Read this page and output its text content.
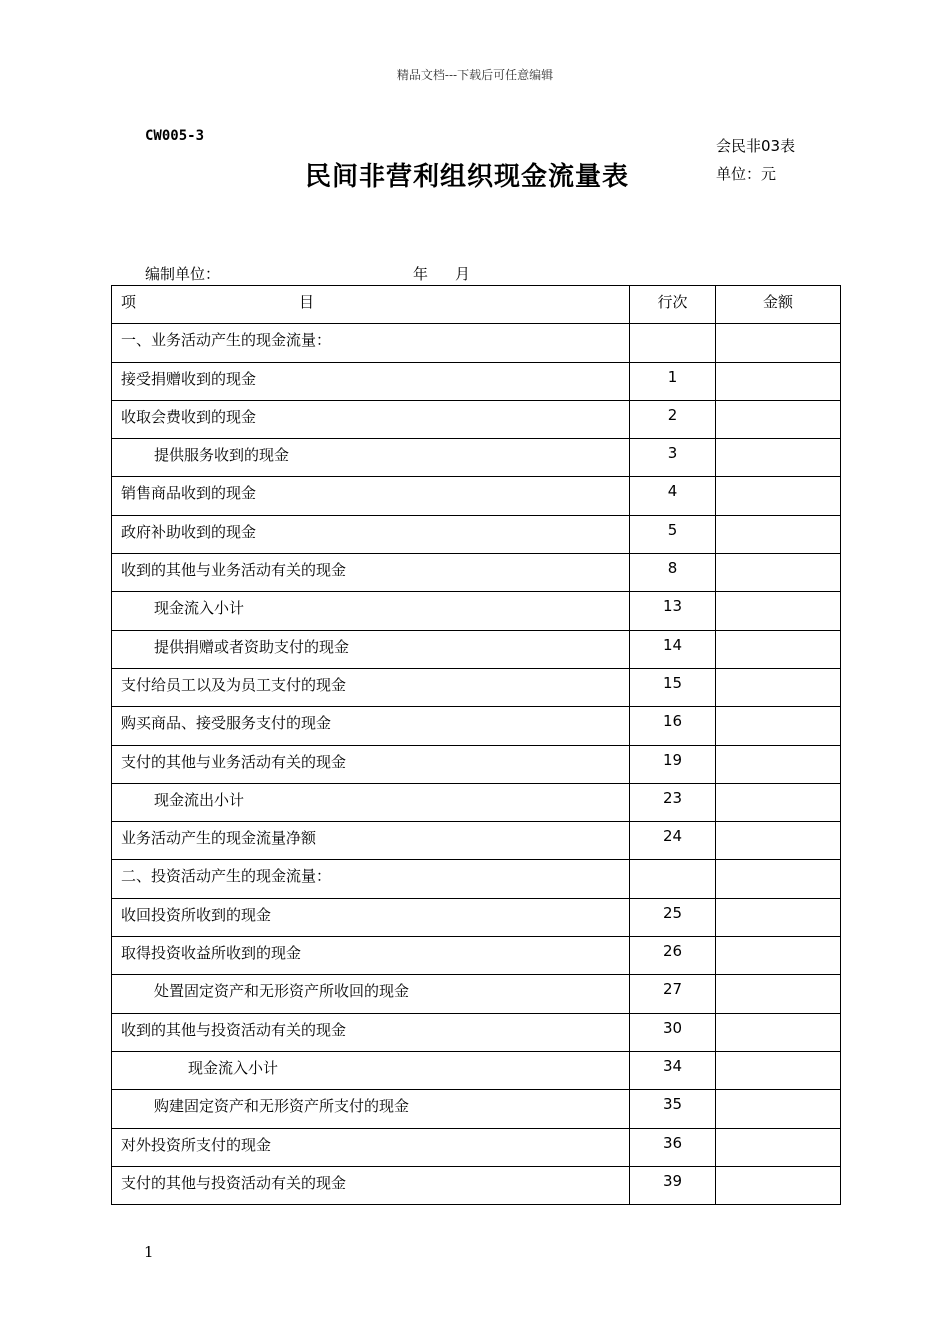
精品文档---下载后可任意编辑
CW005-3
会民非03表
单位：元
民间非营利组织现金流量表
编制单位：	年 月
项 目	行次	金额
一、业务活动产生的现金流量：		
接受捐赠收到的现金	1	
收取会费收到的现金	2	
提供服务收到的现金	3	
销售商品收到的现金	4	
政府补助收到的现金	5	
收到的其他与业务活动有关的现金	8	
现金流入小计	13	
提供捐赠或者资助支付的现金	14	
支付给员工以及为员工支付的现金	15	
购买商品、接受服务支付的现金	16	
支付的其他与业务活动有关的现金	19	
现金流出小计	23	
业务活动产生的现金流量净额	24	
二、投资活动产生的现金流量：		
收回投资所收到的现金	25	
取得投资收益所收到的现金	26	
处置固定资产和无形资产所收回的现金	27	
收到的其他与投资活动有关的现金	30	
现金流入小计	34	
购建固定资产和无形资产所支付的现金	35	
对外投资所支付的现金	36	
支付的其他与投资活动有关的现金	39	
1
